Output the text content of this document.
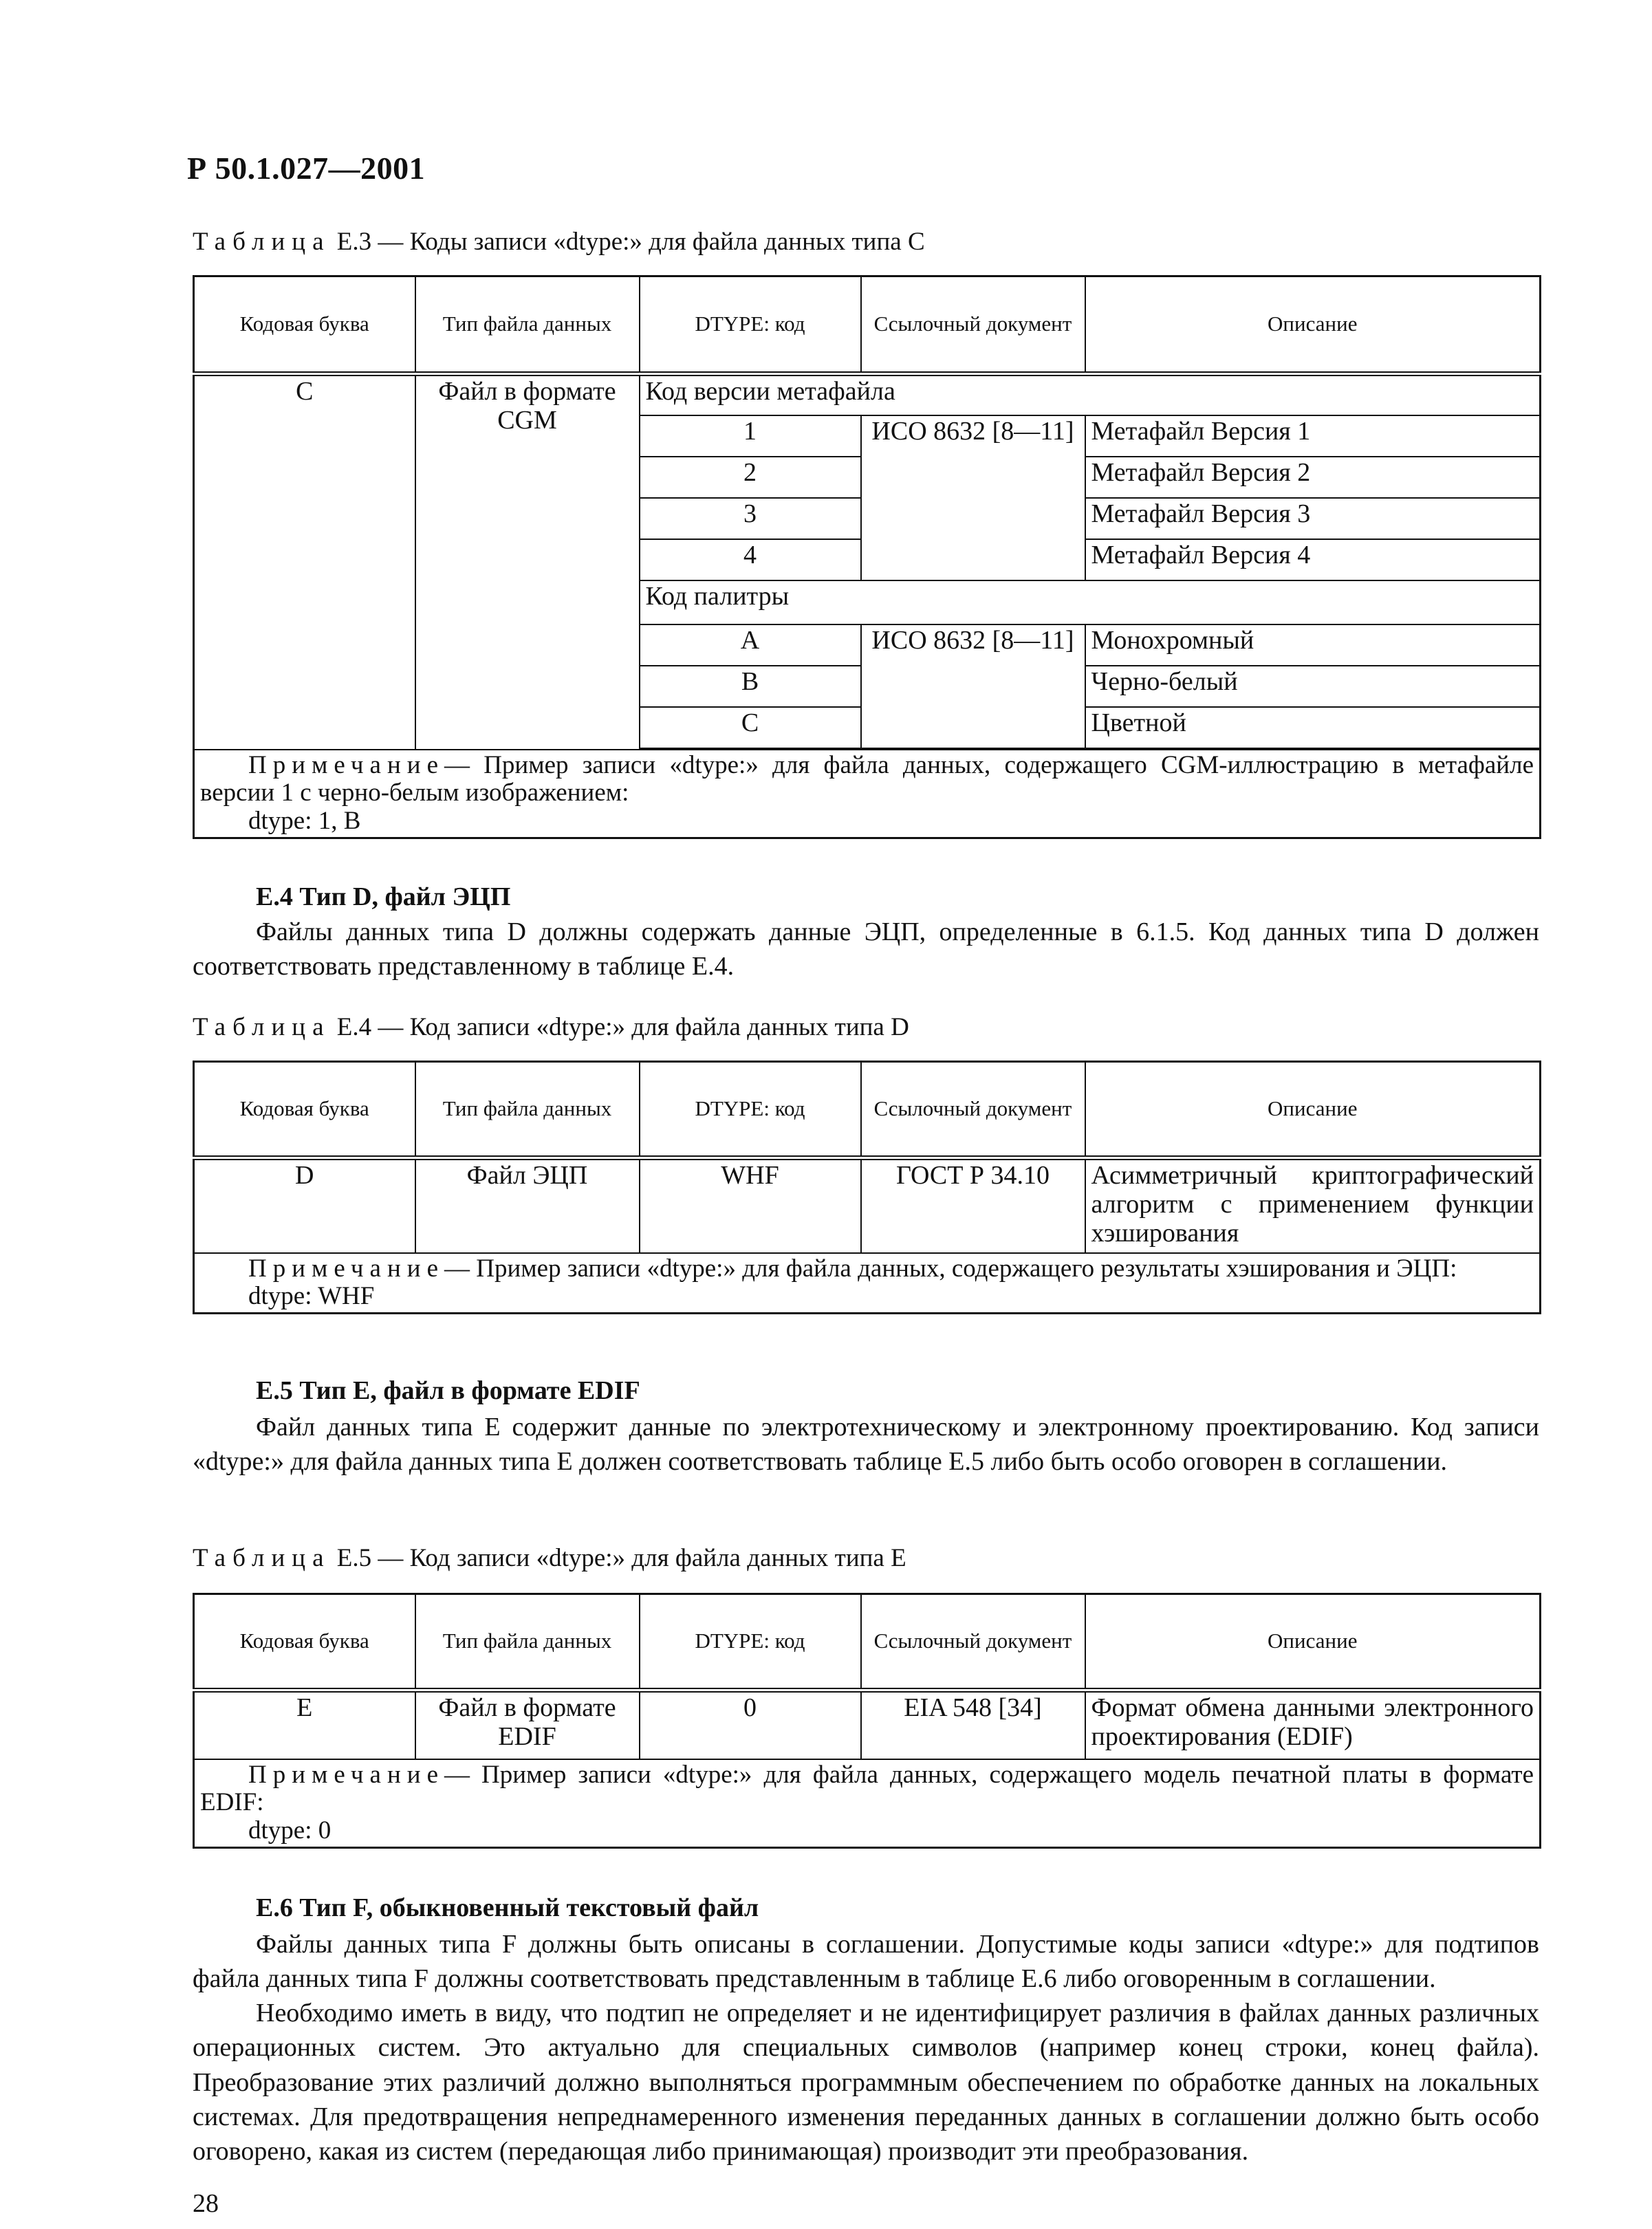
Р 50.1.027—2001
Таблица Е.3 — Коды записи «dtype:» для файла данных типа С
Кодовая буква	Тип файла данных	DTYPE: код	Ссылочный документ	Описание
С	Файл в формате CGM	Код версии метафайла		
		1	ИСО 8632 [8—11]	Метафайл Версия 1
		2		Метафайл Версия 2
		3		Метафайл Версия 3
		4		Метафайл Версия 4
		Код палитры		
		А	ИСО 8632 [8—11]	Монохромный
		В		Черно-белый
		С		Цветной

Примечание— Пример записи «dtype:» для файла данных, содержащего CGM-иллюстрацию в метафайле версии 1 с черно-белым изображением:
dtype: 1, В				
Е.4 Тип D, файл ЭЦП

Файлы данных типа D должны содержать данные ЭЦП, определенные в 6.1.5. Код данных типа D должен соответствовать представленному в таблице Е.4.

Таблица Е.4 — Код записи «dtype:» для файла данных типа D
Кодовая буква	Тип файла данных	DTYPE: код	Ссылочный документ	Описание
D	Файл ЭЦП	WHF	ГОСТ Р 34.10	Асимметричный криптографический алгоритм с применением функции хэширования
Примечание— Пример записи «dtype:» для файла данных, содержащего результаты хэширования и ЭЦП:
dtype: WHF				
Е.5 Тип Е, файл в формате EDIF

Файл данных типа Е содержит данные по электротехническому и электронному проектированию. Код записи «dtype:» для файла данных типа Е должен соответствовать таблице Е.5 либо быть особо оговорен в соглашении.

Таблица Е.5 — Код записи «dtype:» для файла данных типа Е
Кодовая буква	Тип файла данных	DTYPE: код	Ссылочный документ	Описание
Е	Файл в формате EDIF	0	EIA 548 [34]	Формат обмена данными электронного проектирования (EDIF)
Примечание— Пример записи «dtype:» для файла данных, содержащего модель печатной платы в формате EDIF:
dtype: 0				
Е.6 Тип F, обыкновенный текстовый файл

Файлы данных типа F должны быть описаны в соглашении. Допустимые коды записи «dtype:» для подтипов файла данных типа F должны соответствовать представленным в таблице Е.6 либо оговоренным в соглашении.

Необходимо иметь в виду, что подтип не определяет и не идентифицирует различия в файлах данных различных операционных систем. Это актуально для специальных символов (например конец строки, конец файла). Преобразование этих различий должно выполняться программным обеспечением по обработке данных на локальных системах. Для предотвращения непреднамеренного изменения переданных данных в соглашении должно быть особо оговорено, какая из систем (передающая либо принимающая) производит эти преобразования.

28
